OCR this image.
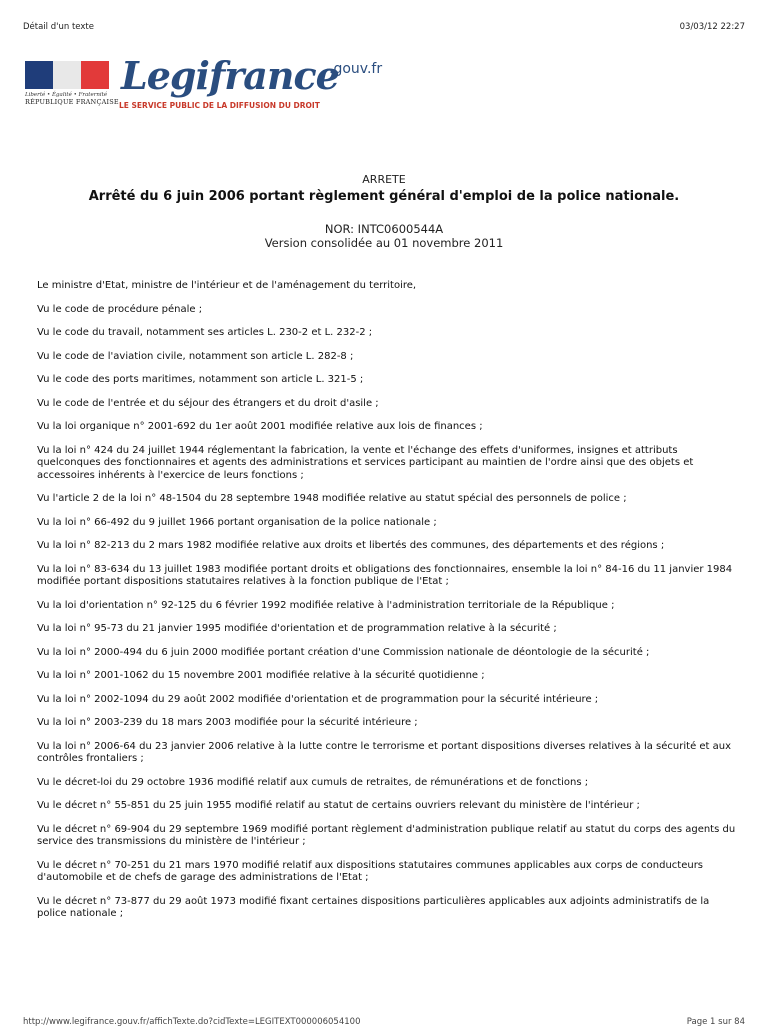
Détail d'un texte	03/03/12 22:27
Liberté • Égalité • Fraternité
RÉPUBLIQUE FRANÇAISE
Legifrance
.gouv.fr
LE SERVICE PUBLIC DE LA DIFFUSION DU DROIT
ARRETE
Arrêté du 6 juin 2006 portant règlement général d'emploi de la police nationale.
NOR: INTC0600544A
Version consolidée au 01 novembre 2011

Le ministre d'Etat, ministre de l'intérieur et de l'aménagement du territoire,

Vu le code de procédure pénale ;

Vu le code du travail, notamment ses articles L. 230-2 et L. 232-2 ;

Vu le code de l'aviation civile, notamment son article L. 282-8 ;

Vu le code des ports maritimes, notamment son article L. 321-5 ;

Vu le code de l'entrée et du séjour des étrangers et du droit d'asile ;

Vu la loi organique n° 2001-692 du 1er août 2001 modifiée relative aux lois de finances ;

Vu la loi n° 424 du 24 juillet 1944 réglementant la fabrication, la vente et l'échange des effets d'uniformes, insignes et attributs quelconques des fonctionnaires et agents des administrations et services participant au maintien de l'ordre ainsi que des objets et accessoires inhérents à l'exercice de leurs fonctions ;

Vu l'article 2 de la loi n° 48-1504 du 28 septembre 1948 modifiée relative au statut spécial des personnels de police ;

Vu la loi n° 66-492 du 9 juillet 1966 portant organisation de la police nationale ;

Vu la loi n° 82-213 du 2 mars 1982 modifiée relative aux droits et libertés des communes, des départements et des régions ;

Vu la loi n° 83-634 du 13 juillet 1983 modifiée portant droits et obligations des fonctionnaires, ensemble la loi n° 84-16 du 11 janvier 1984 modifiée portant dispositions statutaires relatives à la fonction publique de l'Etat ;

Vu la loi d'orientation n° 92-125 du 6 février 1992 modifiée relative à l'administration territoriale de la République ;

Vu la loi n° 95-73 du 21 janvier 1995 modifiée d'orientation et de programmation relative à la sécurité ;

Vu la loi n° 2000-494 du 6 juin 2000 modifiée portant création d'une Commission nationale de déontologie de la sécurité ;

Vu la loi n° 2001-1062 du 15 novembre 2001 modifiée relative à la sécurité quotidienne ;

Vu la loi n° 2002-1094 du 29 août 2002 modifiée d'orientation et de programmation pour la sécurité intérieure ;

Vu la loi n° 2003-239 du 18 mars 2003 modifiée pour la sécurité intérieure ;

Vu la loi n° 2006-64 du 23 janvier 2006 relative à la lutte contre le terrorisme et portant dispositions diverses relatives à la sécurité et aux contrôles frontaliers ;

Vu le décret-loi du 29 octobre 1936 modifié relatif aux cumuls de retraites, de rémunérations et de fonctions ;

Vu le décret n° 55-851 du 25 juin 1955 modifié relatif au statut de certains ouvriers relevant du ministère de l'intérieur ;

Vu le décret n° 69-904 du 29 septembre 1969 modifié portant règlement d'administration publique relatif au statut du corps des agents du service des transmissions du ministère de l'intérieur ;

Vu le décret n° 70-251 du 21 mars 1970 modifié relatif aux dispositions statutaires communes applicables aux corps de conducteurs d'automobile et de chefs de garage des administrations de l'Etat ;

Vu le décret n° 73-877 du 29 août 1973 modifié fixant certaines dispositions particulières applicables aux adjoints administratifs de la police nationale ;

http://www.legifrance.gouv.fr/affichTexte.do?cidTexte=LEGITEXT000006054100	Page 1 sur 84
